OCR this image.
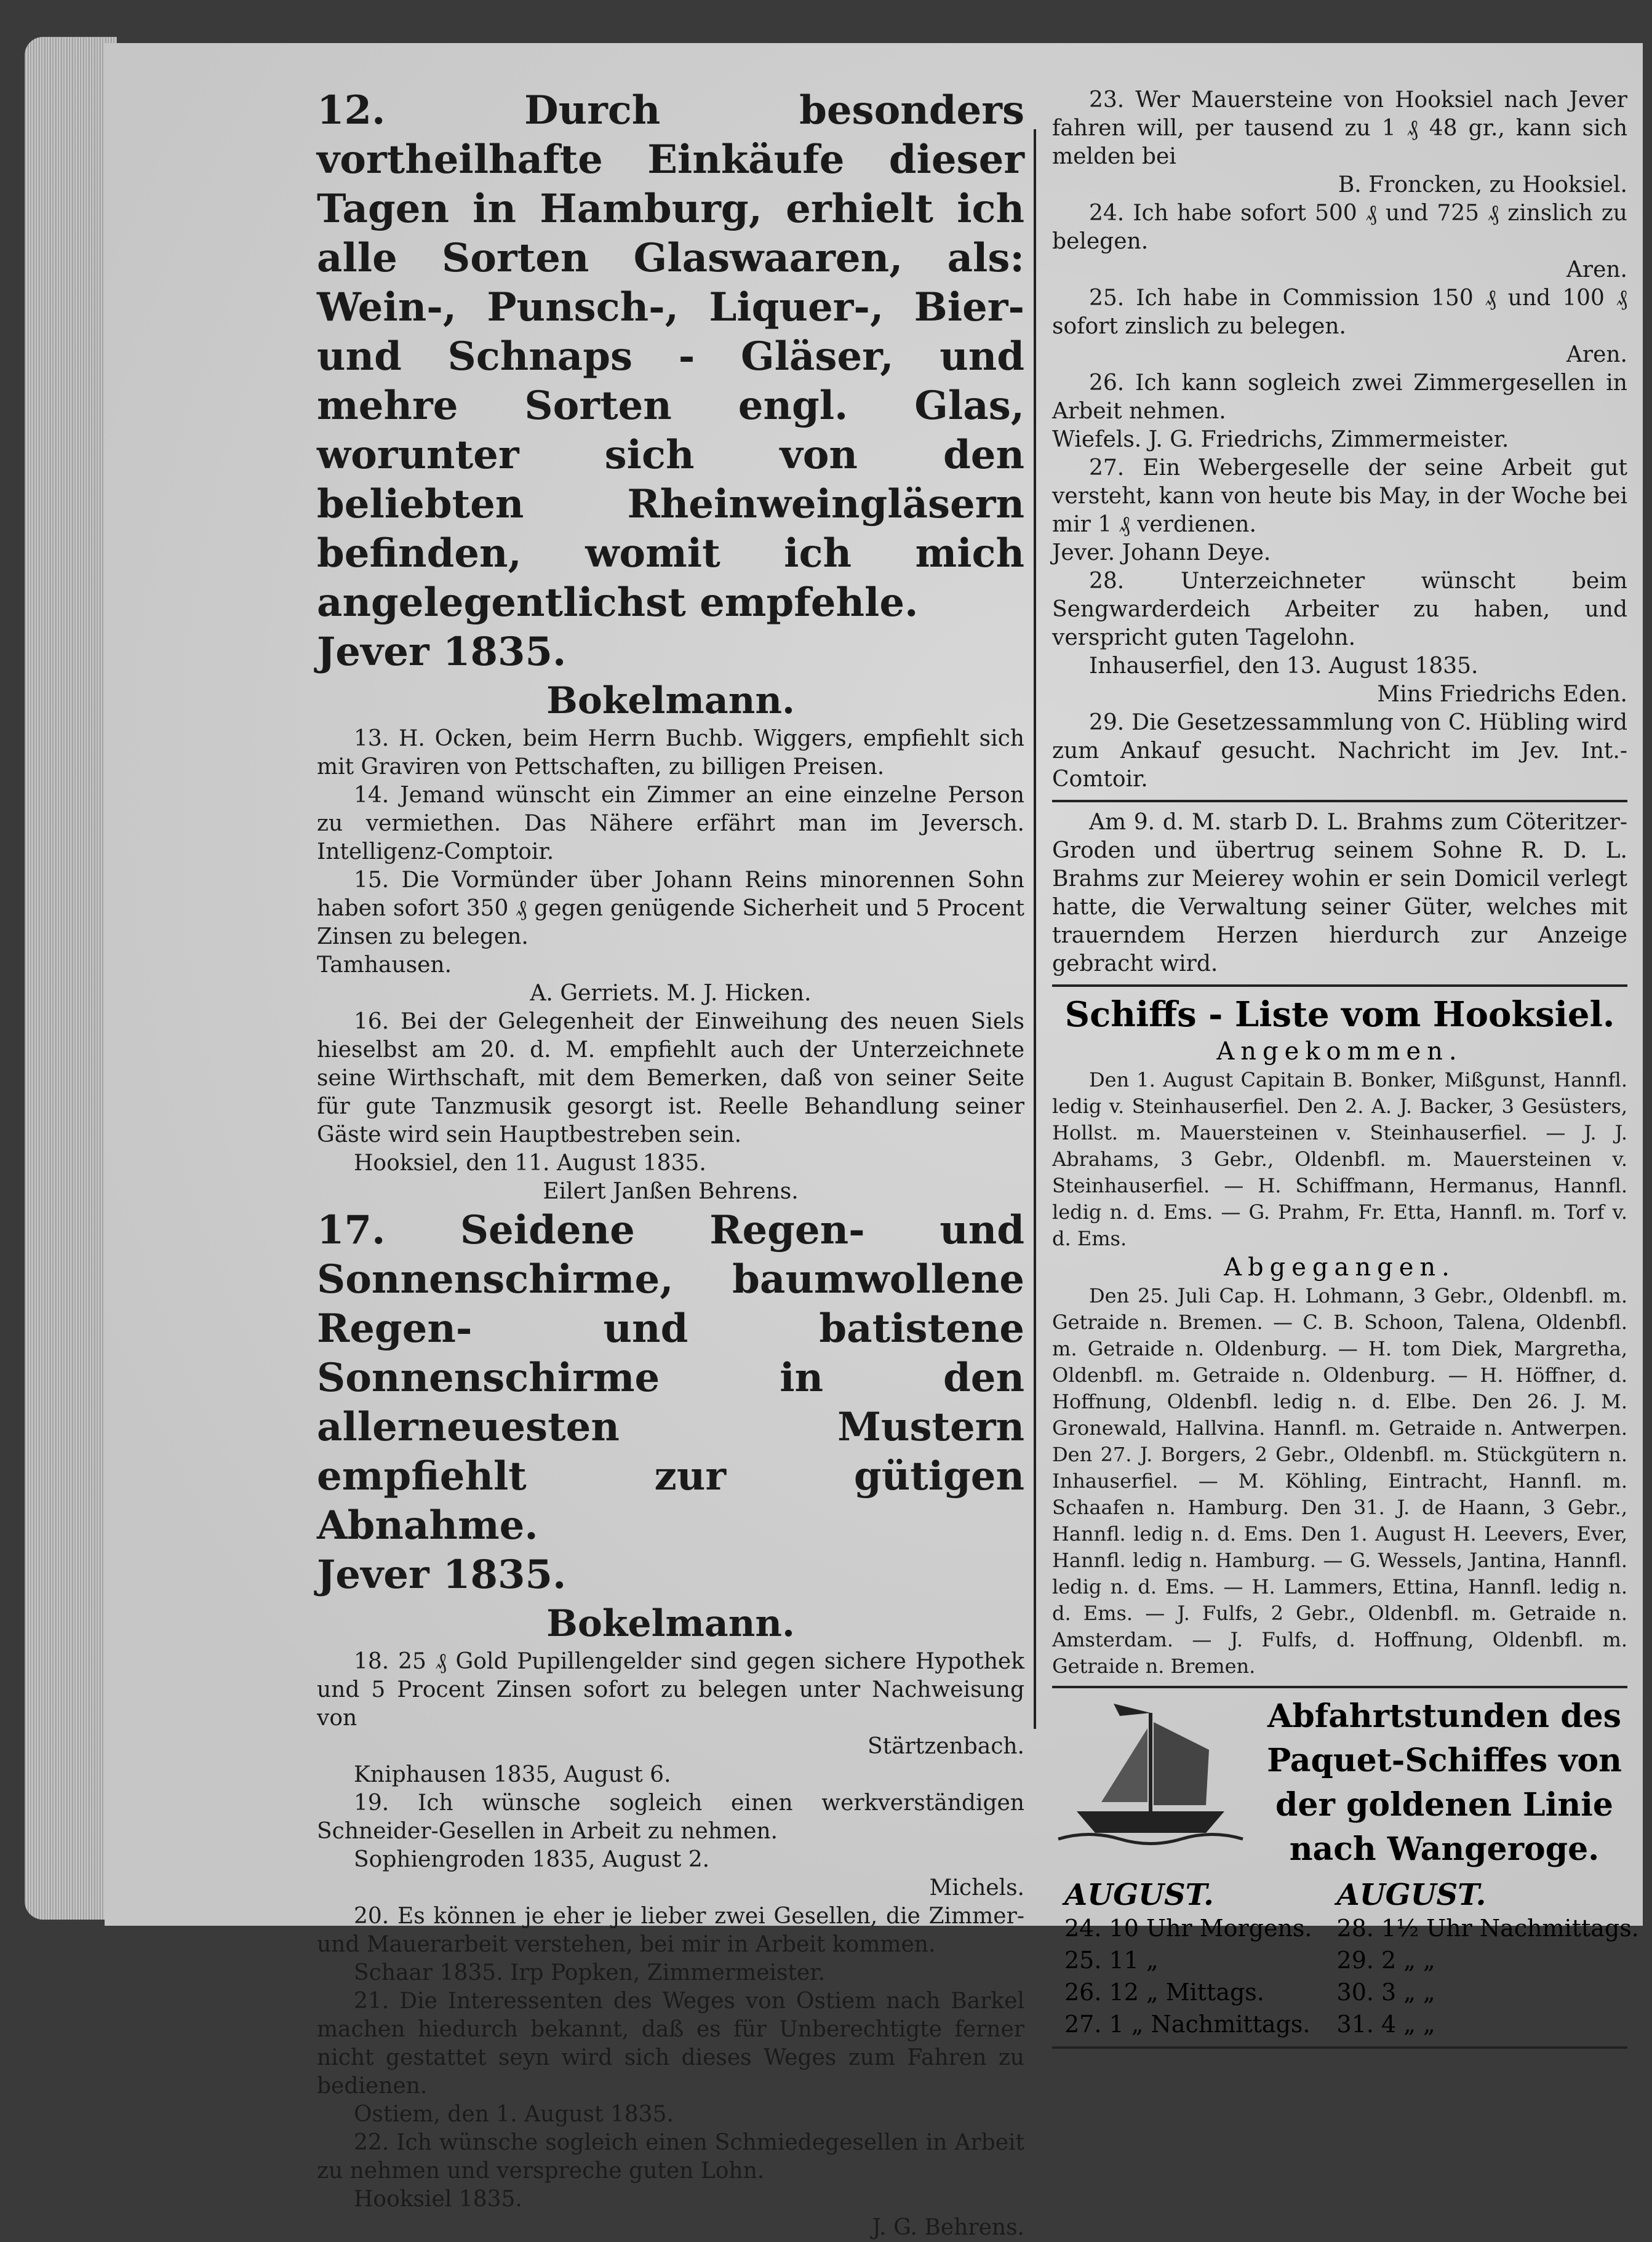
12. Durch besonders vortheilhafte Einkäufe dieser Tagen in Hamburg, erhielt ich alle Sorten Glaswaaren, als: Wein-, Punsch-, Liquer-, Bier- und Schnaps - Gläser, und mehre Sorten engl. Glas, worunter sich von den beliebten Rheinweingläsern befinden, womit ich mich angelegentlichst empfehle.

Jever 1835.

Bokelmann.

13. H. Ocken, beim Herrn Buchb. Wiggers, empfiehlt sich mit Graviren von Pettschaften, zu billigen Preisen.

14. Jemand wünscht ein Zimmer an eine einzelne Person zu vermiethen. Das Nähere erfährt man im Jeversch. Intelligenz-Comptoir.

15. Die Vormünder über Johann Reins minorennen Sohn haben sofort 350 ₰ gegen genügende Sicherheit und 5 Procent Zinsen zu belegen.

Tamhausen.

A. Gerriets. M. J. Hicken.

16. Bei der Gelegenheit der Einweihung des neuen Siels hieselbst am 20. d. M. empfiehlt auch der Unterzeichnete seine Wirthschaft, mit dem Bemerken, daß von seiner Seite für gute Tanzmusik gesorgt ist. Reelle Behandlung seiner Gäste wird sein Hauptbestreben sein.

Hooksiel, den 11. August 1835.

Eilert Janßen Behrens.

17. Seidene Regen- und Sonnenschirme, baumwollene Regen- und batistene Sonnenschirme in den allerneuesten Mustern empfiehlt zur gütigen Abnahme.

Jever 1835.

Bokelmann.

18. 25 ₰ Gold Pupillengelder sind gegen sichere Hypothek und 5 Procent Zinsen sofort zu belegen unter Nachweisung von

Stärtzenbach.

Kniphausen 1835, August 6.

19. Ich wünsche sogleich einen werkverständigen Schneider-Gesellen in Arbeit zu nehmen.

Sophiengroden 1835, August 2.

Michels.

20. Es können je eher je lieber zwei Gesellen, die Zimmer- und Mauerarbeit verstehen, bei mir in Arbeit kommen.

Schaar 1835. Irp Popken, Zimmermeister.

21. Die Interessenten des Weges von Ostiem nach Barkel machen hiedurch bekannt, daß es für Unberechtigte ferner nicht gestattet seyn wird sich dieses Weges zum Fahren zu bedienen.

Ostiem, den 1. August 1835.

22. Ich wünsche sogleich einen Schmiedegesellen in Arbeit zu nehmen und verspreche guten Lohn.

Hooksiel 1835.

J. G. Behrens.

23. Wer Mauersteine von Hooksiel nach Jever fahren will, per tausend zu 1 ₰ 48 gr., kann sich melden bei

B. Froncken, zu Hooksiel.

24. Ich habe sofort 500 ₰ und 725 ₰ zinslich zu belegen.

Aren.

25. Ich habe in Commission 150 ₰ und 100 ₰ sofort zinslich zu belegen.

Aren.

26. Ich kann sogleich zwei Zimmergesellen in Arbeit nehmen.

Wiefels. J. G. Friedrichs, Zimmermeister.

27. Ein Webergeselle der seine Arbeit gut versteht, kann von heute bis May, in der Woche bei mir 1 ₰ verdienen.

Jever. Johann Deye.

28. Unterzeichneter wünscht beim Sengwarderdeich Arbeiter zu haben, und verspricht guten Tagelohn.

Inhauserfiel, den 13. August 1835.

Mins Friedrichs Eden.

29. Die Gesetzessammlung von C. Hübling wird zum Ankauf gesucht. Nachricht im Jev. Int.-Comtoir.

Am 9. d. M. starb D. L. Brahms zum Cöteritzer-Groden und übertrug seinem Sohne R. D. L. Brahms zur Meierey wohin er sein Domicil verlegt hatte, die Verwaltung seiner Güter, welches mit trauerndem Herzen hierdurch zur Anzeige gebracht wird.

Schiffs - Liste vom Hooksiel.
Angekommen.

Den 1. August Capitain B. Bonker, Mißgunst, Hannfl. ledig v. Steinhauserfiel. Den 2. A. J. Backer, 3 Gesüsters, Hollst. m. Mauersteinen v. Steinhauserfiel. — J. J. Abrahams, 3 Gebr., Oldenbfl. m. Mauersteinen v. Steinhauserfiel. — H. Schiffmann, Hermanus, Hannfl. ledig n. d. Ems. — G. Prahm, Fr. Etta, Hannfl. m. Torf v. d. Ems.

Abgegangen.

Den 25. Juli Cap. H. Lohmann, 3 Gebr., Oldenbfl. m. Getraide n. Bremen. — C. B. Schoon, Talena, Oldenbfl. m. Getraide n. Oldenburg. — H. tom Diek, Margretha, Oldenbfl. m. Getraide n. Oldenburg. — H. Höffner, d. Hoffnung, Oldenbfl. ledig n. d. Elbe. Den 26. J. M. Gronewald, Hallvina. Hannfl. m. Getraide n. Antwerpen. Den 27. J. Borgers, 2 Gebr., Oldenbfl. m. Stückgütern n. Inhauserfiel. — M. Köhling, Eintracht, Hannfl. m. Schaafen n. Hamburg. Den 31. J. de Haann, 3 Gebr., Hannfl. ledig n. d. Ems. Den 1. August H. Leevers, Ever, Hannfl. ledig n. Hamburg. — G. Wessels, Jantina, Hannfl. ledig n. d. Ems. — H. Lammers, Ettina, Hannfl. ledig n. d. Ems. — J. Fulfs, 2 Gebr., Oldenbfl. m. Getraide n. Amsterdam. — J. Fulfs, d. Hoffnung, Oldenbfl. m. Getraide n. Bremen.

Abfahrtstunden des Paquet-Schiffes von der goldenen Linie nach Wangeroge.
AUGUST.
24. 10 Uhr Morgens.
25. 11 „
26. 12 „ Mittags.
27. 1 „ Nachmittags.
AUGUST.
28. 1½ Uhr Nachmittags.
29. 2 „ „
30. 3 „ „
31. 4 „ „
